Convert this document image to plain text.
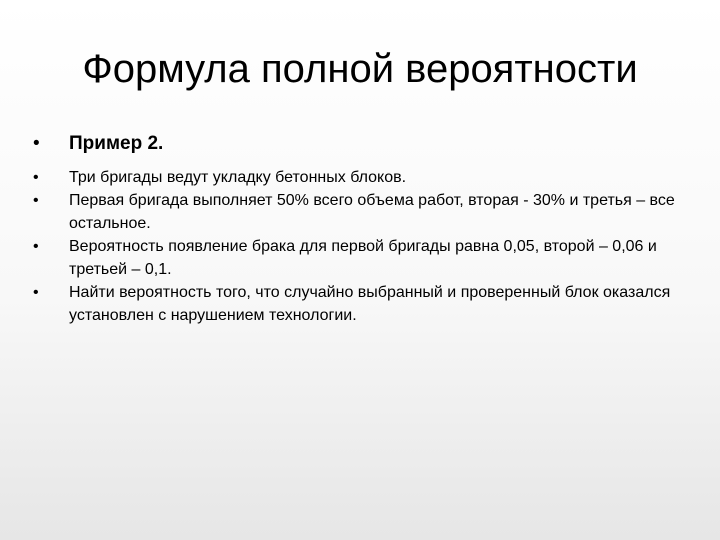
Формула полной вероятности
• Пример 2.
• Три бригады ведут укладку бетонных блоков.
• Первая бригада выполняет 50% всего объема работ, вторая - 30% и третья – все остальное.
• Вероятность появление брака для первой бригады равна 0,05, второй – 0,06 и третьей – 0,1.
• Найти вероятность того, что случайно выбранный и проверенный блок оказался установлен с нарушением технологии.
